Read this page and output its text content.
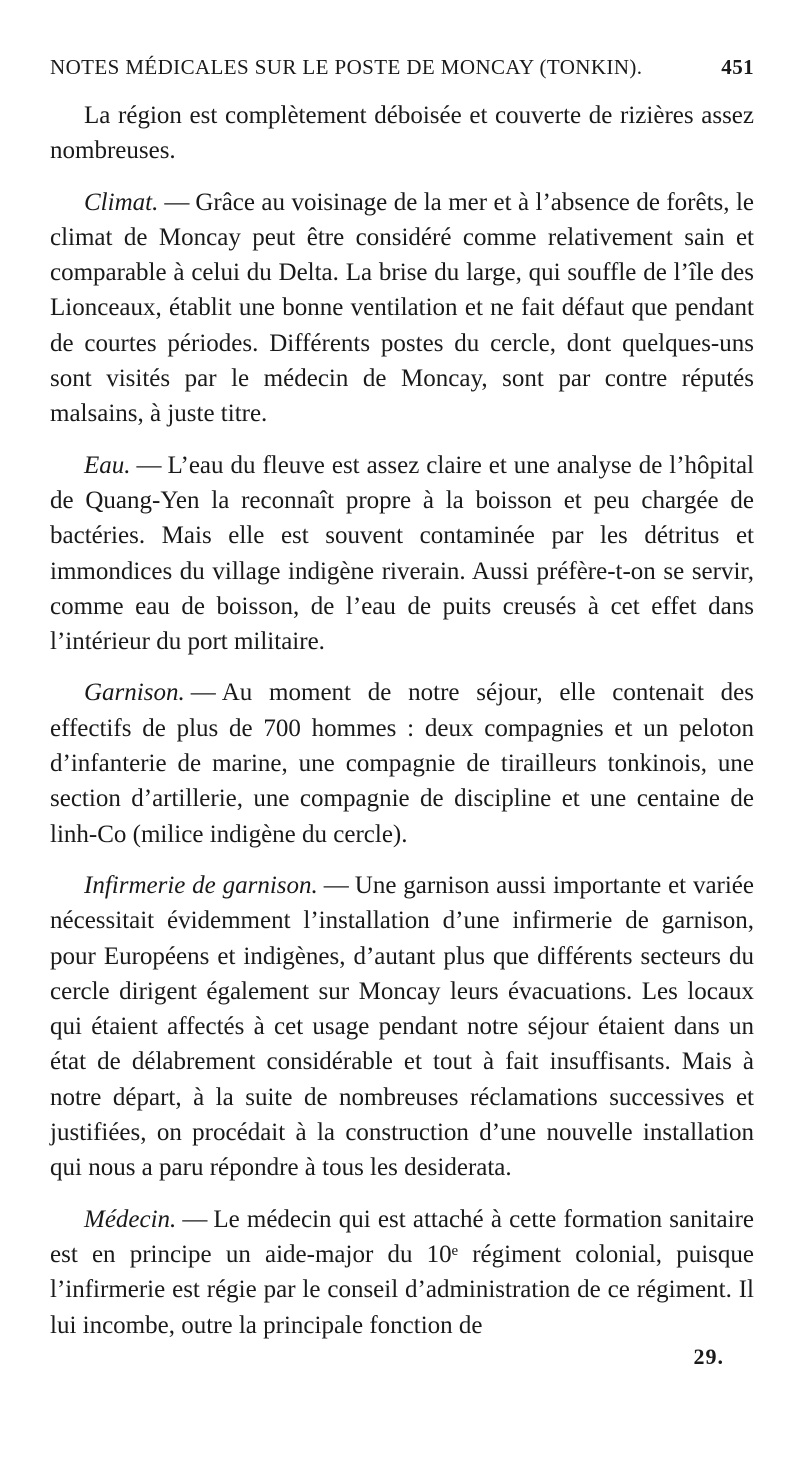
NOTES MÉDICALES SUR LE POSTE DE MONCAY (TONKIN).	451

La région est complètement déboisée et couverte de rizières assez nombreuses.

Climat. — Grâce au voisinage de la mer et à l’absence de forêts, le climat de Moncay peut être considéré comme relativement sain et comparable à celui du Delta. La brise du large, qui souffle de l’île des Lionceaux, établit une bonne ventilation et ne fait défaut que pendant de courtes périodes. Différents postes du cercle, dont quelques-uns sont visités par le médecin de Moncay, sont par contre réputés malsains, à juste titre.

Eau. — L’eau du fleuve est assez claire et une analyse de l’hôpital de Quang-Yen la reconnaît propre à la boisson et peu chargée de bactéries. Mais elle est souvent contaminée par les détritus et immondices du village indigène riverain. Aussi préfère-t-on se servir, comme eau de boisson, de l’eau de puits creusés à cet effet dans l’intérieur du port militaire.

Garnison. — Au moment de notre séjour, elle contenait des effectifs de plus de 700 hommes : deux compagnies et un peloton d’infanterie de marine, une compagnie de tirailleurs tonkinois, une section d’artillerie, une compagnie de discipline et une centaine de linh-Co (milice indigène du cercle).

Infirmerie de garnison. — Une garnison aussi importante et variée nécessitait évidemment l’installation d’une infirmerie de garnison, pour Européens et indigènes, d’autant plus que différents secteurs du cercle dirigent également sur Moncay leurs évacuations. Les locaux qui étaient affectés à cet usage pendant notre séjour étaient dans un état de délabrement considérable et tout à fait insuffisants. Mais à notre départ, à la suite de nombreuses réclamations successives et justifiées, on procédait à la construction d’une nouvelle installation qui nous a paru répondre à tous les desiderata.

Médecin. — Le médecin qui est attaché à cette formation sanitaire est en principe un aide-major du 10ᵉ régiment colonial, puisque l’infirmerie est régie par le conseil d’administration de ce régiment. Il lui incombe, outre la principale fonction de

29.
